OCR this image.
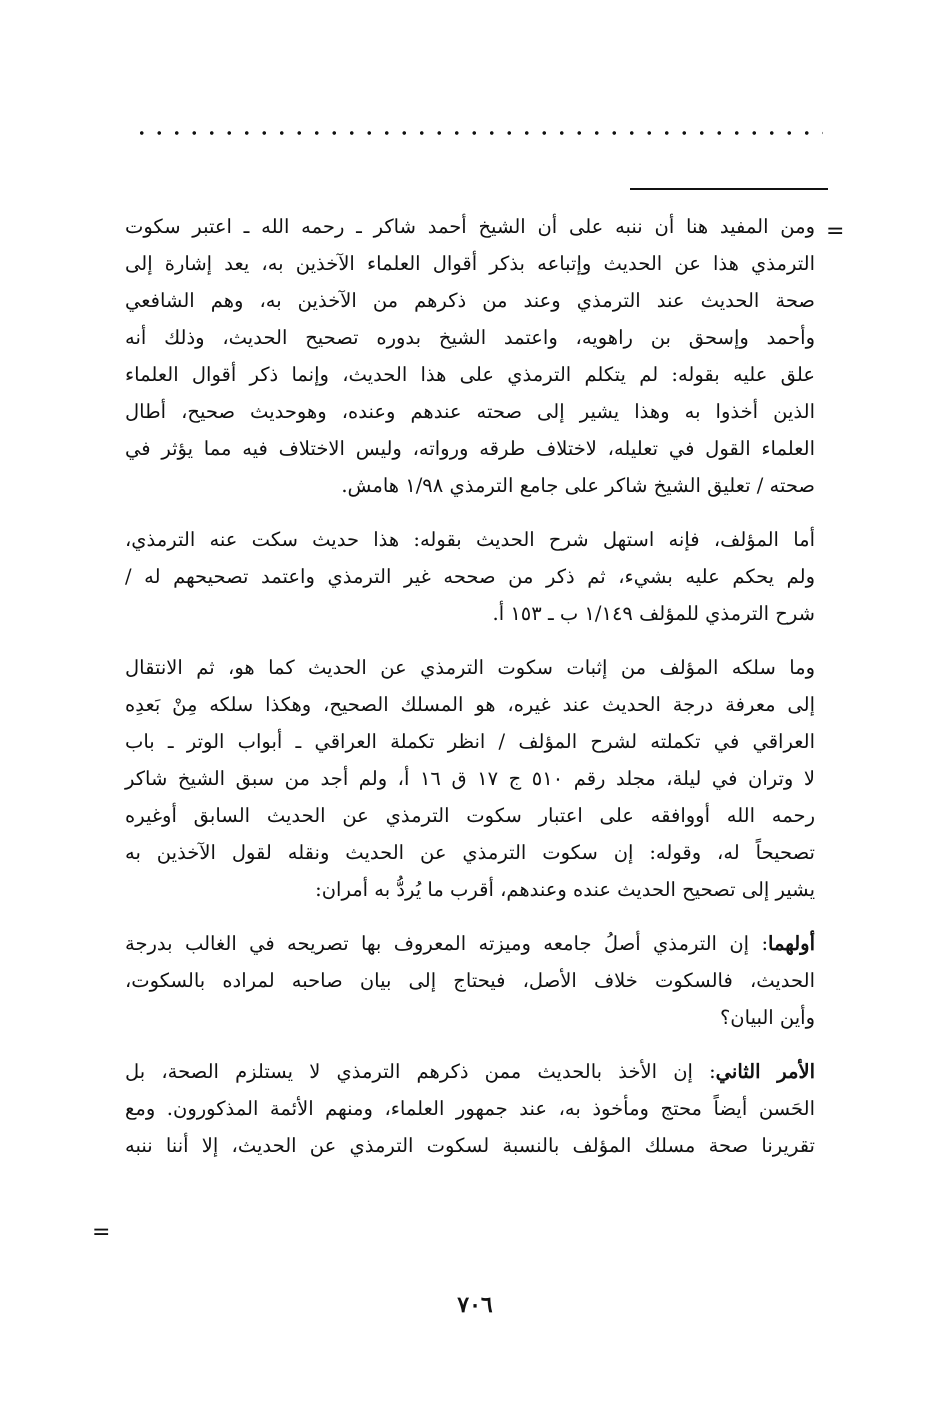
=
=

ومن المفيد هنا أن ننبه على أن الشيخ أحمد شاكر ـ رحمه الله ـ اعتبر سكوت
الترمذي هذا عن الحديث وإتباعه بذكر أقوال العلماء الآخذين به، يعد إشارة إلى
صحة الحديث عند الترمذي وعند من ذكرهم من الآخذين به، وهم الشافعي
وأحمد وإسحق بن راهويه، واعتمد الشيخ بدوره تصحيح الحديث، وذلك أنه
علق عليه بقوله: لم يتكلم الترمذي على هذا الحديث، وإنما ذكر أقوال العلماء
الذين أخذوا به وهذا يشير إلى صحته عندهم وعنده، وهوحديث صحيح، أطال
العلماء القول في تعليله، لاختلاف طرقه ورواته، وليس الاختلاف فيه مما يؤثر في
صحته / تعليق الشيخ شاكر على جامع الترمذي ١/٩٨ هامش.

أما المؤلف، فإنه استهل شرح الحديث بقوله: هذا حديث سكت عنه الترمذي،
ولم يحكم عليه بشيء، ثم ذكر من صححه غير الترمذي واعتمد تصحيحهم له /
شرح الترمذي للمؤلف ١/١٤٩ ب ـ ١٥٣ أ.

وما سلكه المؤلف من إثبات سكوت الترمذي عن الحديث كما هو، ثم الانتقال
إلى معرفة درجة الحديث عند غيره، هو المسلك الصحيح، وهكذا سلكه مِنْ بَعدِه
العراقي في تكملته لشرح المؤلف / انظر تكملة العراقي ـ أبواب الوتر ـ باب
لا وتران في ليلة، مجلد رقم ٥١٠ ج ١٧ ق ١٦ أ، ولم أجد من سبق الشيخ شاكر
رحمه الله أووافقه على اعتبار سكوت الترمذي عن الحديث السابق أوغيره
تصحيحاً له، وقوله: إن سكوت الترمذي عن الحديث ونقله لقول الآخذين به
يشير إلى تصحيح الحديث عنده وعندهم، أقرب ما يُردُّ به أمران:

أولهما: إن الترمذي أصلُ جامعه وميزته المعروف بها تصريحه في الغالب بدرجة
الحديث، فالسكوت خلاف الأصل، فيحتاج إلى بيان صاحبه لمراده بالسكوت،
وأين البيان؟

الأمر الثاني: إن الأخذ بالحديث ممن ذكرهم الترمذي لا يستلزم الصحة، بل
الحَسن أيضاً محتج ومأخوذ به، عند جمهور العلماء، ومنهم الأئمة المذكورون. ومع
تقريرنا صحة مسلك المؤلف بالنسبة لسكوت الترمذي عن الحديث، إلا أننا ننبه

٧٠٦
